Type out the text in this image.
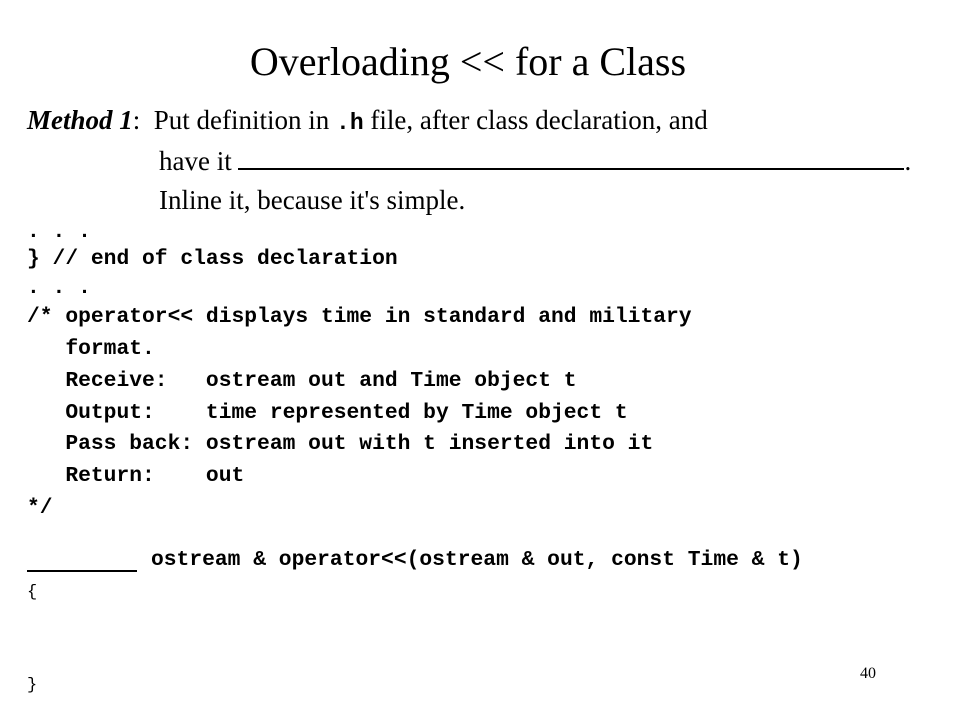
Overloading << for a Class
Method 1:  Put definition in .h file, after class declaration, and
have it	.
Inline it, because it's simple.
. . .
} // end of class declaration
. . .
/* operator<< displays time in standard and military
format.
Receive:   ostream out and Time object t
Output:    time represented by Time object t
Pass back: ostream out with t inserted into it
Return:    out
*/
ostream & operator<<(ostream & out, const Time & t)
{
}
40
